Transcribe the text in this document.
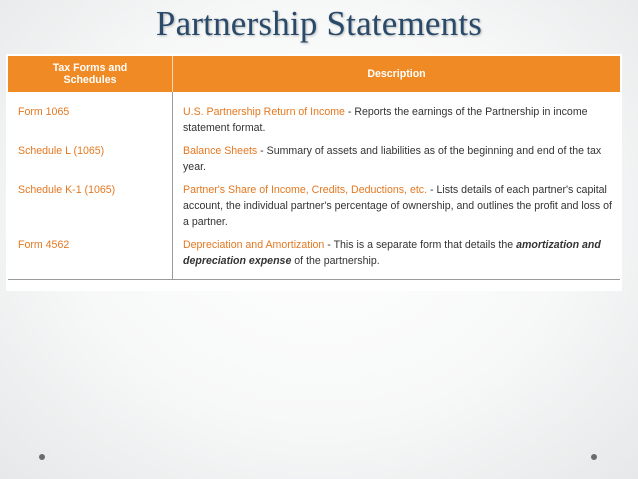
Partnership Statements
Tax Forms and Schedules	Description
Form 1065	U.S. Partnership Return of Income - Reports the earnings of the Partnership in income statement format.
Schedule L (1065)	Balance Sheets - Summary of assets and liabilities as of the beginning and end of the tax year.
Schedule K-1 (1065)	Partner's Share of Income, Credits, Deductions, etc. - Lists details of each partner's capital account, the individual partner's percentage of ownership, and outlines the profit and loss of a partner.
Form 4562	Depreciation and Amortization - This is a separate form that details the amortization and depreciation expense of the partnership.
